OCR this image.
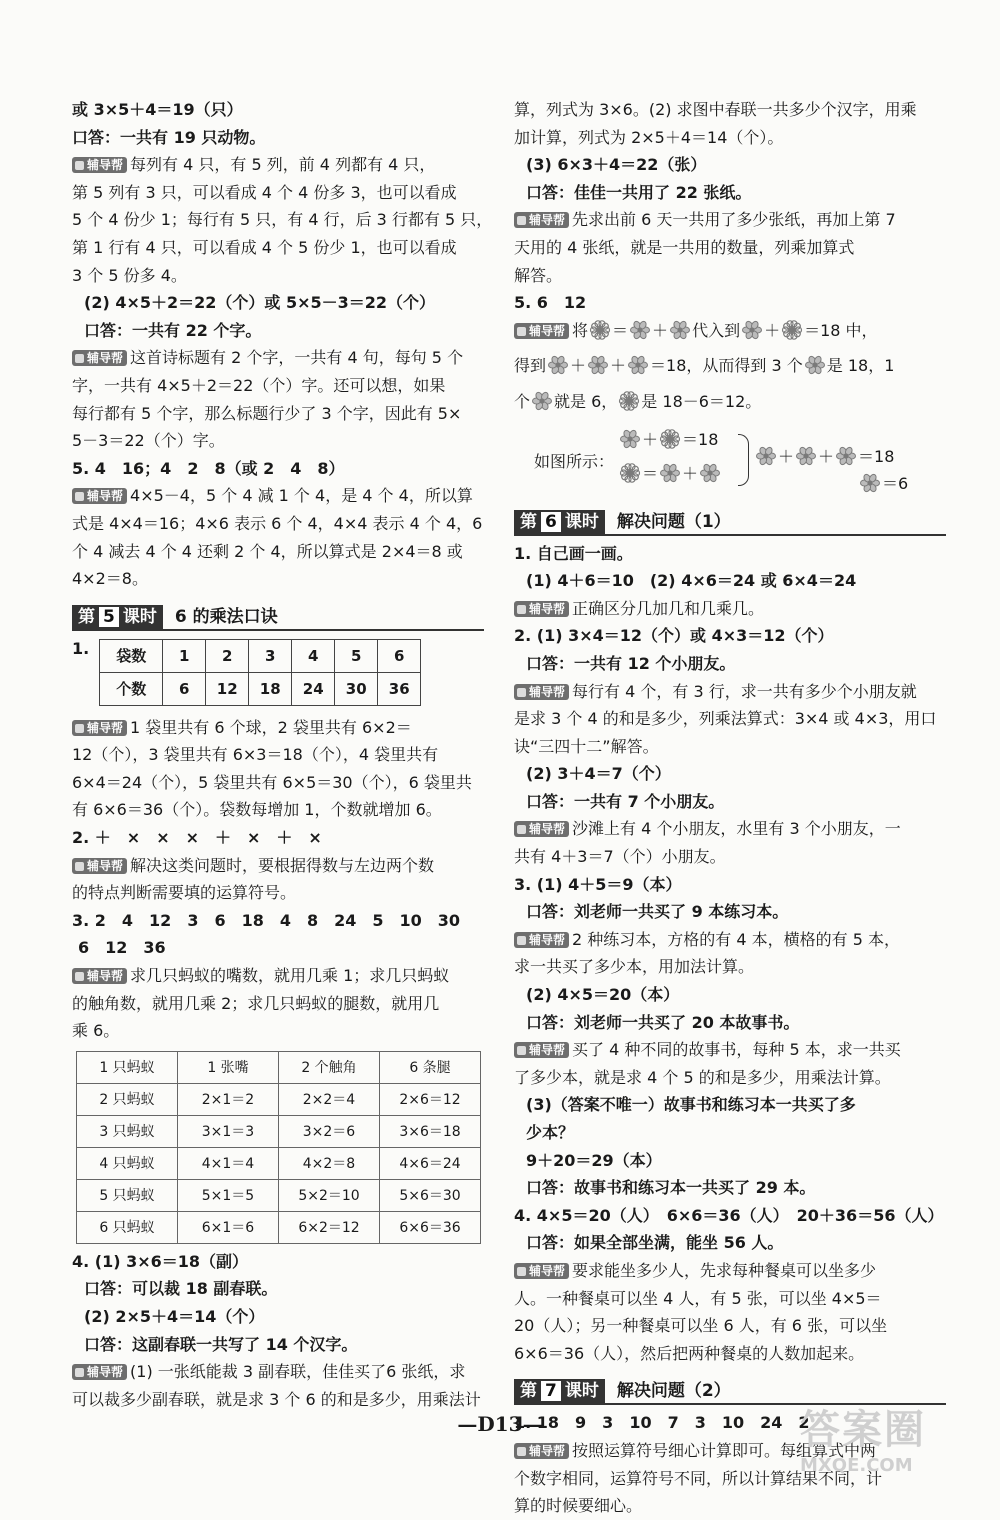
或 3×5＋4＝19（只）
口答：一共有 19 只动物。
辅导帮 每列有 4 只，有 5 列，前 4 列都有 4 只，
第 5 列有 3 只，可以看成 4 个 4 份多 3，也可以看成
5 个 4 份少 1；每行有 5 只，有 4 行，后 3 行都有 5 只，
第 1 行有 4 只，可以看成 4 个 5 份少 1，也可以看成
3 个 5 份多 4。
(2) 4×5＋2＝22（个）或 5×5－3＝22（个）
口答：一共有 22 个字。
辅导帮 这首诗标题有 2 个字，一共有 4 句，每句 5 个
字，一共有 4×5＋2＝22（个）字。还可以想，如果
每行都有 5 个字，那么标题行少了 3 个字，因此有 5×
5－3＝22（个）字。
5. 4　16；4　2　8（或 2　4　8）
辅导帮 4×5－4，5 个 4 减 1 个 4，是 4 个 4，所以算
式是 4×4＝16；4×6 表示 6 个 4，4×4 表示 4 个 4，6
个 4 减去 4 个 4 还剩 2 个 4，所以算式是 2×4＝8 或
4×2＝8。
第 5 课时 6 的乘法口诀
1. 袋数	1	2	3	4	5	6
个数	6	12	18	24	30	36
辅导帮 1 袋里共有 6 个球，2 袋里共有 6×2＝
12（个），3 袋里共有 6×3＝18（个），4 袋里共有
6×4＝24（个），5 袋里共有 6×5＝30（个），6 袋里共
有 6×6＝36（个）。袋数每增加 1，个数就增加 6。
2. ＋　×　×　×　＋　×　＋　×
辅导帮 解决这类问题时，要根据得数与左边两个数
的特点判断需要填的运算符号。
3. 2　4　12　3　6　18　4　8　24　5　10　30
6　12　36
辅导帮 求几只蚂蚁的嘴数，就用几乘 1；求几只蚂蚁
的触角数，就用几乘 2；求几只蚂蚁的腿数，就用几
乘 6。
1 只蚂蚁	1 张嘴	2 个触角	6 条腿
2 只蚂蚁	2×1＝2	2×2＝4	2×6＝12
3 只蚂蚁	3×1＝3	3×2＝6	3×6＝18
4 只蚂蚁	4×1＝4	4×2＝8	4×6＝24
5 只蚂蚁	5×1＝5	5×2＝10	5×6＝30
6 只蚂蚁	6×1＝6	6×2＝12	6×6＝36
4. (1) 3×6＝18（副）
口答：可以裁 18 副春联。
(2) 2×5＋4＝14（个）
口答：这副春联一共写了 14 个汉字。
辅导帮 (1) 一张纸能裁 3 副春联，佳佳买了6 张纸，求
可以裁多少副春联，就是求 3 个 6 的和是多少，用乘法计
算，列式为 3×6。(2) 求图中春联一共多少个汉字，用乘
加计算，列式为 2×5＋4＝14（个）。
(3) 6×3＋4＝22（张）
口答：佳佳一共用了 22 张纸。
辅导帮 先求出前 6 天一共用了多少张纸，再加上第 7
天用的 4 张纸，就是一共用的数量，列乘加算式
解答。
5. 6　12
辅导帮 将 ＝ ＋ 代入到 ＋ ＝18 中，
得到 ＋ ＋ ＝18，从而得到 3 个 是 18，1
个 就是 6， 是 18－6＝12。
如图所示：
＋ ＝18
＝ ＋
＋ ＋ ＝18
＝6
第 6 课时 解决问题（1）
1. 自己画一画。
(1) 4＋6＝10　(2) 4×6＝24 或 6×4＝24
辅导帮 正确区分几加几和几乘几。
2. (1) 3×4＝12（个）或 4×3＝12（个）
口答：一共有 12 个小朋友。
辅导帮 每行有 4 个，有 3 行，求一共有多少个小朋友就
是求 3 个 4 的和是多少，列乘法算式：3×4 或 4×3，用口
诀“三四十二”解答。
(2) 3＋4＝7（个）
口答：一共有 7 个小朋友。
辅导帮 沙滩上有 4 个小朋友，水里有 3 个小朋友，一
共有 4＋3＝7（个）小朋友。
3. (1) 4＋5＝9（本）
口答：刘老师一共买了 9 本练习本。
辅导帮 2 种练习本，方格的有 4 本，横格的有 5 本，
求一共买了多少本，用加法计算。
(2) 4×5＝20（本）
口答：刘老师一共买了 20 本故事书。
辅导帮 买了 4 种不同的故事书，每种 5 本，求一共买
了多少本，就是求 4 个 5 的和是多少，用乘法计算。
(3)（答案不唯一）故事书和练习本一共买了多
少本？
9＋20＝29（本）
口答：故事书和练习本一共买了 29 本。
4. 4×5＝20（人）　6×6＝36（人）　20＋36＝56（人）
口答：如果全部坐满，能坐 56 人。
辅导帮 要求能坐多少人，先求每种餐桌可以坐多少
人。一种餐桌可以坐 4 人，有 5 张，可以坐 4×5＝
20（人）；另一种餐桌可以坐 6 人，有 6 张，可以坐
6×6＝36（人），然后把两种餐桌的人数加起来。
第 7 课时 解决问题（2）
1. 18　9　3　10　7　3　10　24　2
辅导帮 按照运算符号细心计算即可。每组算式中两
个数字相同，运算符号不同，所以计算结果不同，计
算的时候要细心。
—D13—	答案圈
MXQE.COM
